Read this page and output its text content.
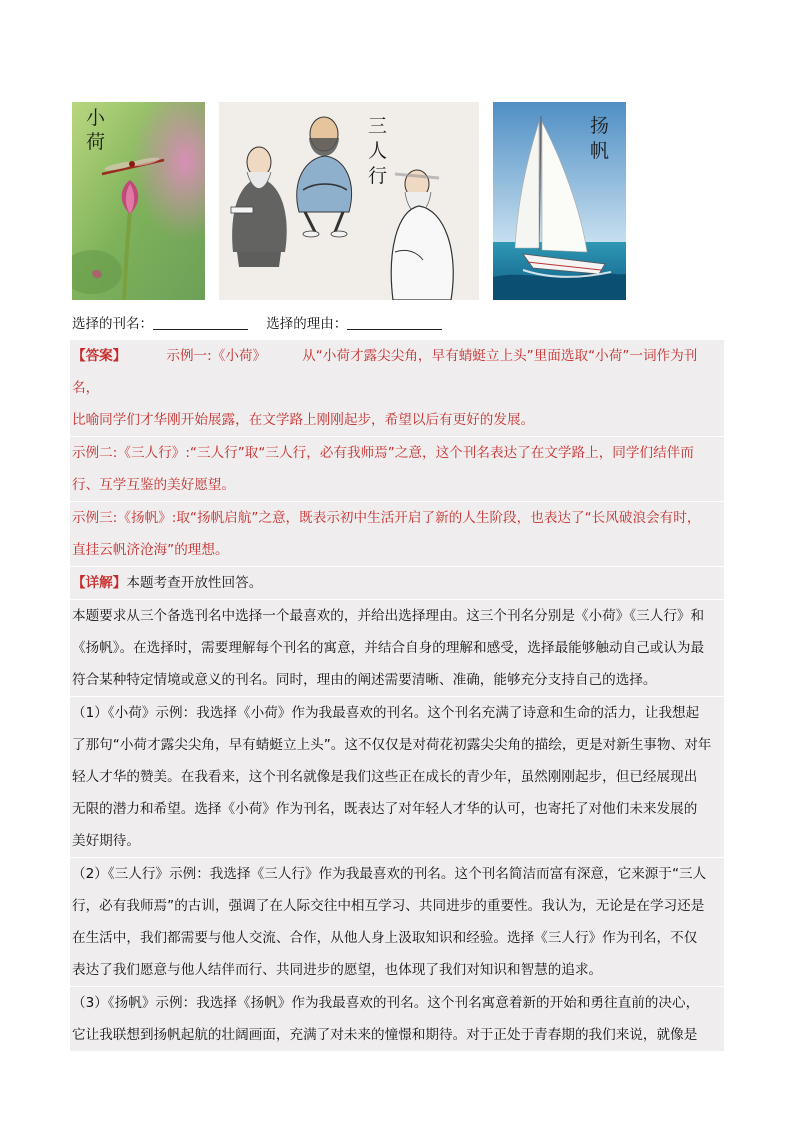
小
荷
三
人
行
扬
帆
选择的刊名：	选择的理由：

【答案】	示例一:《小荷》	从“小荷才露尖尖角，早有蜻蜓立上头”里面选取“小荷”一词作为刊名，

比喻同学们才华刚开始展露，在文学路上刚刚起步，希望以后有更好的发展。

示例二:《三人行》:“三人行”取“三人行，必有我师焉”之意，这个刊名表达了在文学路上，同学们结伴而

行、互学互鉴的美好愿望。

示例三:《扬帆》:取“扬帆启航”之意，既表示初中生活开启了新的人生阶段，也表达了“长风破浪会有时，

直挂云帆济沧海”的理想。

【详解】本题考查开放性回答。

本题要求从三个备选刊名中选择一个最喜欢的，并给出选择理由。这三个刊名分别是《小荷》《三人行》和

《扬帆》。在选择时，需要理解每个刊名的寓意，并结合自身的理解和感受，选择最能够触动自己或认为最

符合某种特定情境或意义的刊名。同时，理由的阐述需要清晰、准确，能够充分支持自己的选择。

（1）《小荷》示例：我选择《小荷》作为我最喜欢的刊名。这个刊名充满了诗意和生命的活力，让我想起

了那句“小荷才露尖尖角，早有蜻蜓立上头”。这不仅仅是对荷花初露尖尖角的描绘，更是对新生事物、对年

轻人才华的赞美。在我看来，这个刊名就像是我们这些正在成长的青少年，虽然刚刚起步，但已经展现出

无限的潜力和希望。选择《小荷》作为刊名，既表达了对年轻人才华的认可，也寄托了对他们未来发展的

美好期待。

（2）《三人行》示例：我选择《三人行》作为我最喜欢的刊名。这个刊名简洁而富有深意，它来源于“三人

行，必有我师焉”的古训，强调了在人际交往中相互学习、共同进步的重要性。我认为，无论是在学习还是

在生活中，我们都需要与他人交流、合作，从他人身上汲取知识和经验。选择《三人行》作为刊名，不仅

表达了我们愿意与他人结伴而行、共同进步的愿望，也体现了我们对知识和智慧的追求。

（3）《扬帆》示例：我选择《扬帆》作为我最喜欢的刊名。这个刊名寓意着新的开始和勇往直前的决心，

它让我联想到扬帆起航的壮阔画面，充满了对未来的憧憬和期待。对于正处于青春期的我们来说，就像是
